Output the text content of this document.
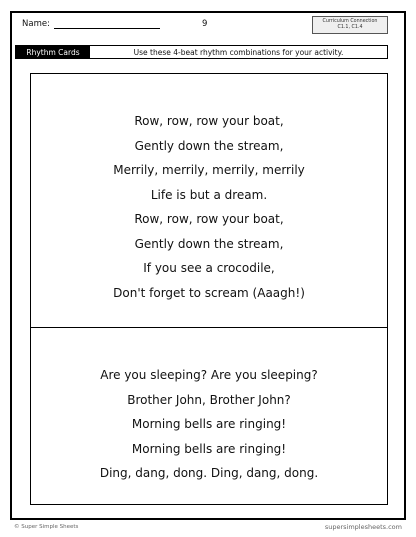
Name:	9	Curriculum Connection
C1.1, C1.4
Rhythm Cards	Use these 4-beat rhythm combinations for your activity.
Row, row, row your boat,
Gently down the stream,
Merrily, merrily, merrily, merrily
Life is but a dream.
Row, row, row your boat,
Gently down the stream,
If you see a crocodile,
Don't forget to scream (Aaagh!)
Are you sleeping? Are you sleeping?
Brother John, Brother John?
Morning bells are ringing!
Morning bells are ringing!
Ding, dang, dong. Ding, dang, dong.
© Super Simple Sheets	supersimplesheets.com
